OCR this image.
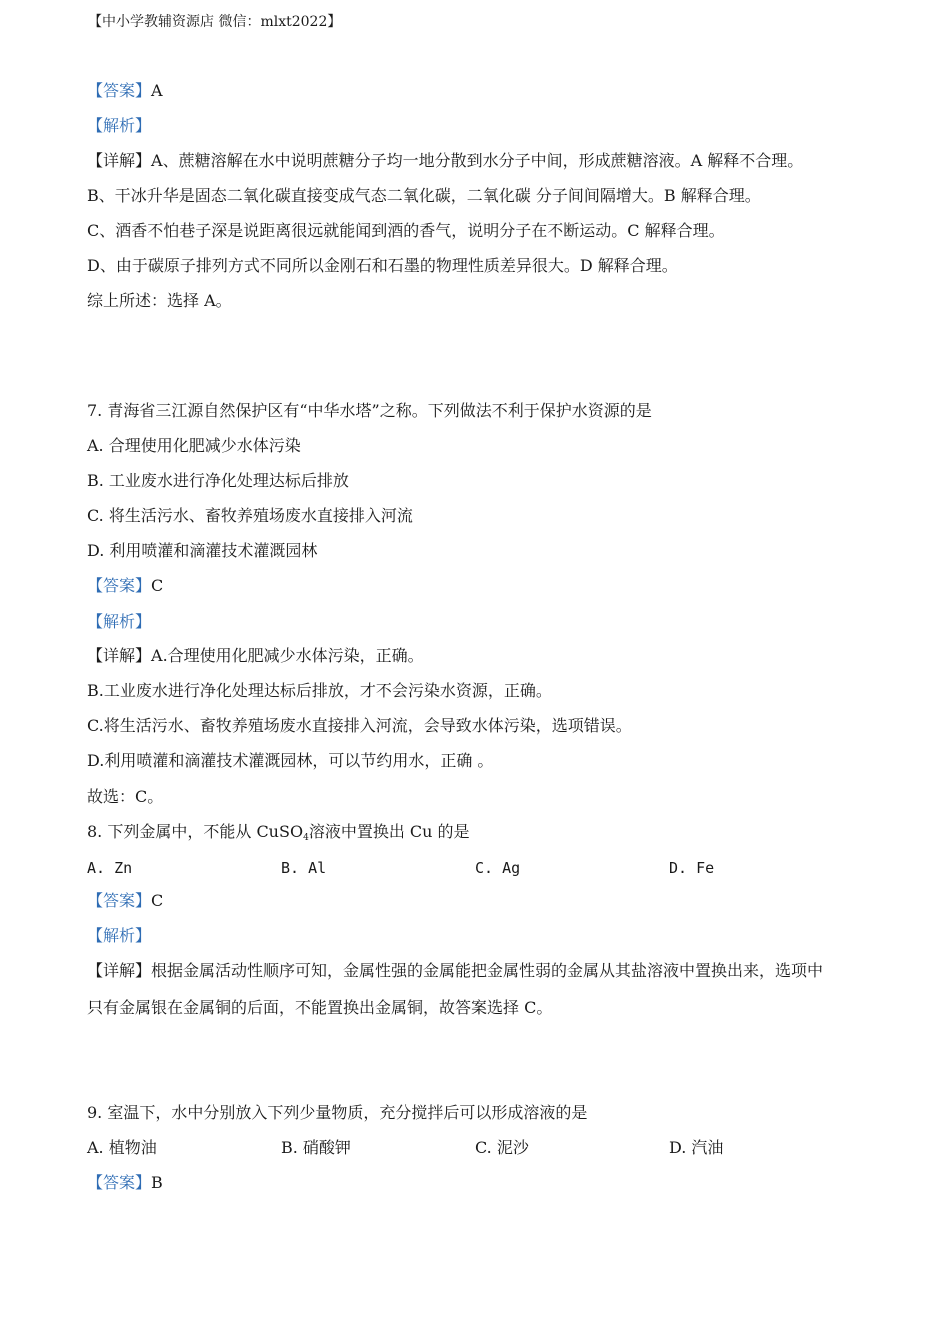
【中小学教辅资源店 微信：mlxt2022】
【答案】A
【解析】
【详解】A、蔗糖溶解在水中说明蔗糖分子均一地分散到水分子中间，形成蔗糖溶液。A 解释不合理。
B、干冰升华是固态二氧化碳直接变成气态二氧化碳，二氧化碳 分子间间隔增大。B 解释合理。
C、酒香不怕巷子深是说距离很远就能闻到酒的香气，说明分子在不断运动。C 解释合理。
D、由于碳原子排列方式不同所以金刚石和石墨的物理性质差异很大。D 解释合理。
综上所述：选择 A。
7. 青海省三江源自然保护区有“中华水塔”之称。下列做法不利于保护水资源的是
A. 合理使用化肥减少水体污染
B. 工业废水进行净化处理达标后排放
C. 将生活污水、畜牧养殖场废水直接排入河流
D. 利用喷灌和滴灌技术灌溉园林
【答案】C
【解析】
【详解】A.合理使用化肥减少水体污染，正确。
B.工业废水进行净化处理达标后排放，才不会污染水资源，正确。
C.将生活污水、畜牧养殖场废水直接排入河流，会导致水体污染，选项错误。
D.利用喷灌和滴灌技术灌溉园林，可以节约用水，正确 。
故选：C。
8. 下列金属中，不能从 CuSO$_4$溶液中置换出 Cu 的是
A. Zn	B. Al	C. Ag	D. Fe
【答案】C
【解析】
【详解】根据金属活动性顺序可知，金属性强的金属能把金属性弱的金属从其盐溶液中置换出来，选项中
只有金属银在金属铜的后面，不能置换出金属铜，故答案选择 C。
9. 室温下，水中分别放入下列少量物质，充分搅拌后可以形成溶液的是
A. 植物油	B. 硝酸钾	C. 泥沙	D. 汽油
【答案】B
